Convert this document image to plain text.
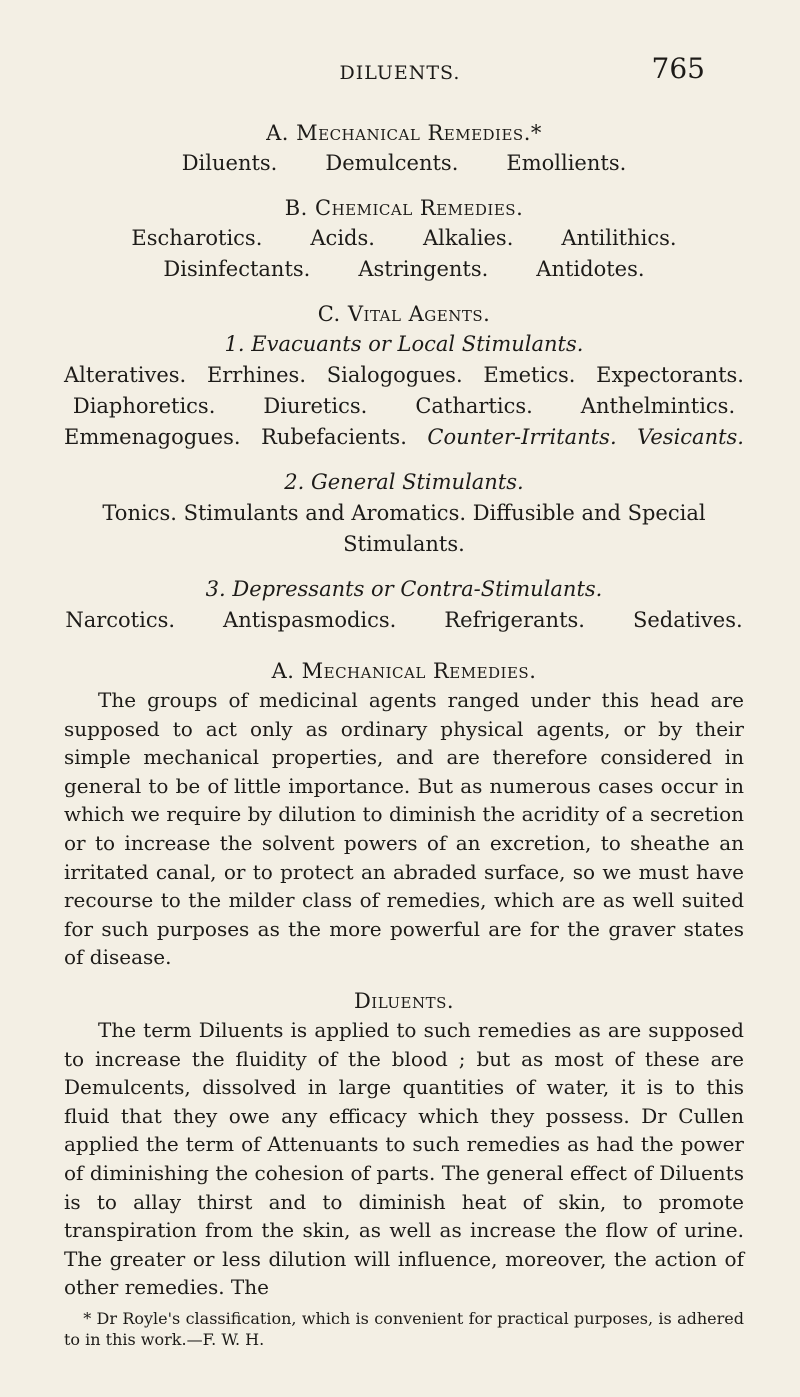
DILUENTS.	765

A. Mechanical Remedies.*

Diluents. Demulcents. Emollients.

B. Chemical Remedies.

Escharotics. Acids. Alkalies. Antilithics.
Disinfectants. Astringents. Antidotes.

C. Vital Agents.

1. Evacuants or Local Stimulants.
Alteratives. Errhines. Sialogogues. Emetics. Expectorants.
Diaphoretics. Diuretics. Cathartics. Anthelmintics.
Emmenagogues. Rubefacients. Counter-Irritants. Vesicants.
2. General Stimulants.
Tonics. Stimulants and Aromatics. Diffusible and Special
Stimulants.
3. Depressants or Contra-Stimulants.
Narcotics. Antispasmodics. Refrigerants. Sedatives.

A. Mechanical Remedies.

The groups of medicinal agents ranged under this head are supposed to act only as ordinary physical agents, or by their simple mechanical properties, and are therefore considered in general to be of little importance. But as numerous cases occur in which we require by dilution to diminish the acridity of a secretion or to increase the solvent powers of an excretion, to sheathe an irritated canal, or to protect an abraded surface, so we must have recourse to the milder class of remedies, which are as well suited for such purposes as the more powerful are for the graver states of disease.

Diluents.

The term Diluents is applied to such remedies as are supposed to increase the fluidity of the blood ; but as most of these are Demulcents, dissolved in large quantities of water, it is to this fluid that they owe any efficacy which they possess. Dr Cullen applied the term of Attenuants to such remedies as had the power of diminishing the cohesion of parts. The general effect of Diluents is to allay thirst and to diminish heat of skin, to promote transpiration from the skin, as well as increase the flow of urine. The greater or less dilution will influence, moreover, the action of other remedies. The

* Dr Royle's classification, which is convenient for practical purposes, is adhered to in this work.—F. W. H.
